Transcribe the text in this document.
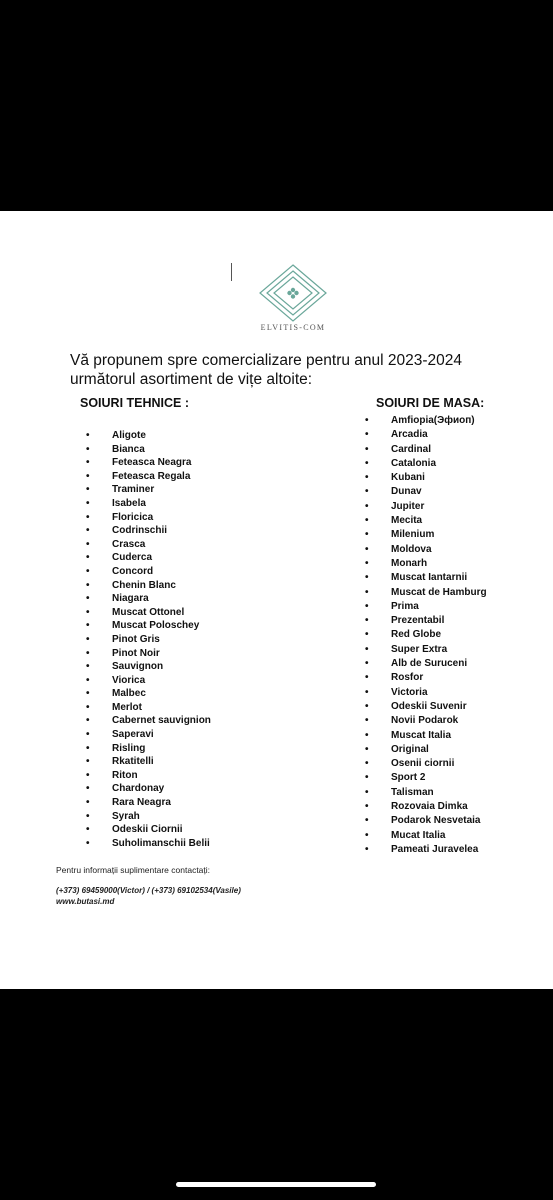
ELVITIS-COM
Vă propunem spre comercializare pentru anul 2023-2024
următorul asortiment de vițe altoite:
SOIURI TEHNICE :	SOIURI DE MASA:
• Aligote
• Bianca
• Feteasca Neagra
• Feteasca Regala
• Traminer
• Isabela
• Floricica
• Codrinschii
• Crasca
• Cuderca
• Concord
• Chenin Blanc
• Niagara
• Muscat Ottonel
• Muscat Poloschey
• Pinot Gris
• Pinot Noir
• Sauvignon
• Viorica
• Malbec
• Merlot
• Cabernet sauvignion
• Saperavi
• Risling
• Rkatitelli
• Riton
• Chardonay
• Rara Neagra
• Syrah
• Odeskii Ciornii
• Suholimanschii Belii
• Amfiopia(Эфиоп)
• Arcadia
• Cardinal
• Catalonia
• Kubani
• Dunav
• Jupiter
• Mecita
• Milenium
• Moldova
• Monarh
• Muscat Iantarnii
• Muscat de Hamburg
• Prima
• Prezentabil
• Red Globe
• Super Extra
• Alb de Suruceni
• Rosfor
• Victoria
• Odeskii Suvenir
• Novii Podarok
• Muscat Italia
• Original
• Osenii ciornii
• Sport 2
• Talisman
• Rozovaia Dimka
• Podarok Nesvetaia
• Mucat Italia
• Pameati Juravelea
Pentru informații suplimentare contactați:
(+373) 69459000(Victor) / (+373) 69102534(Vasile)
www.butasi.md
